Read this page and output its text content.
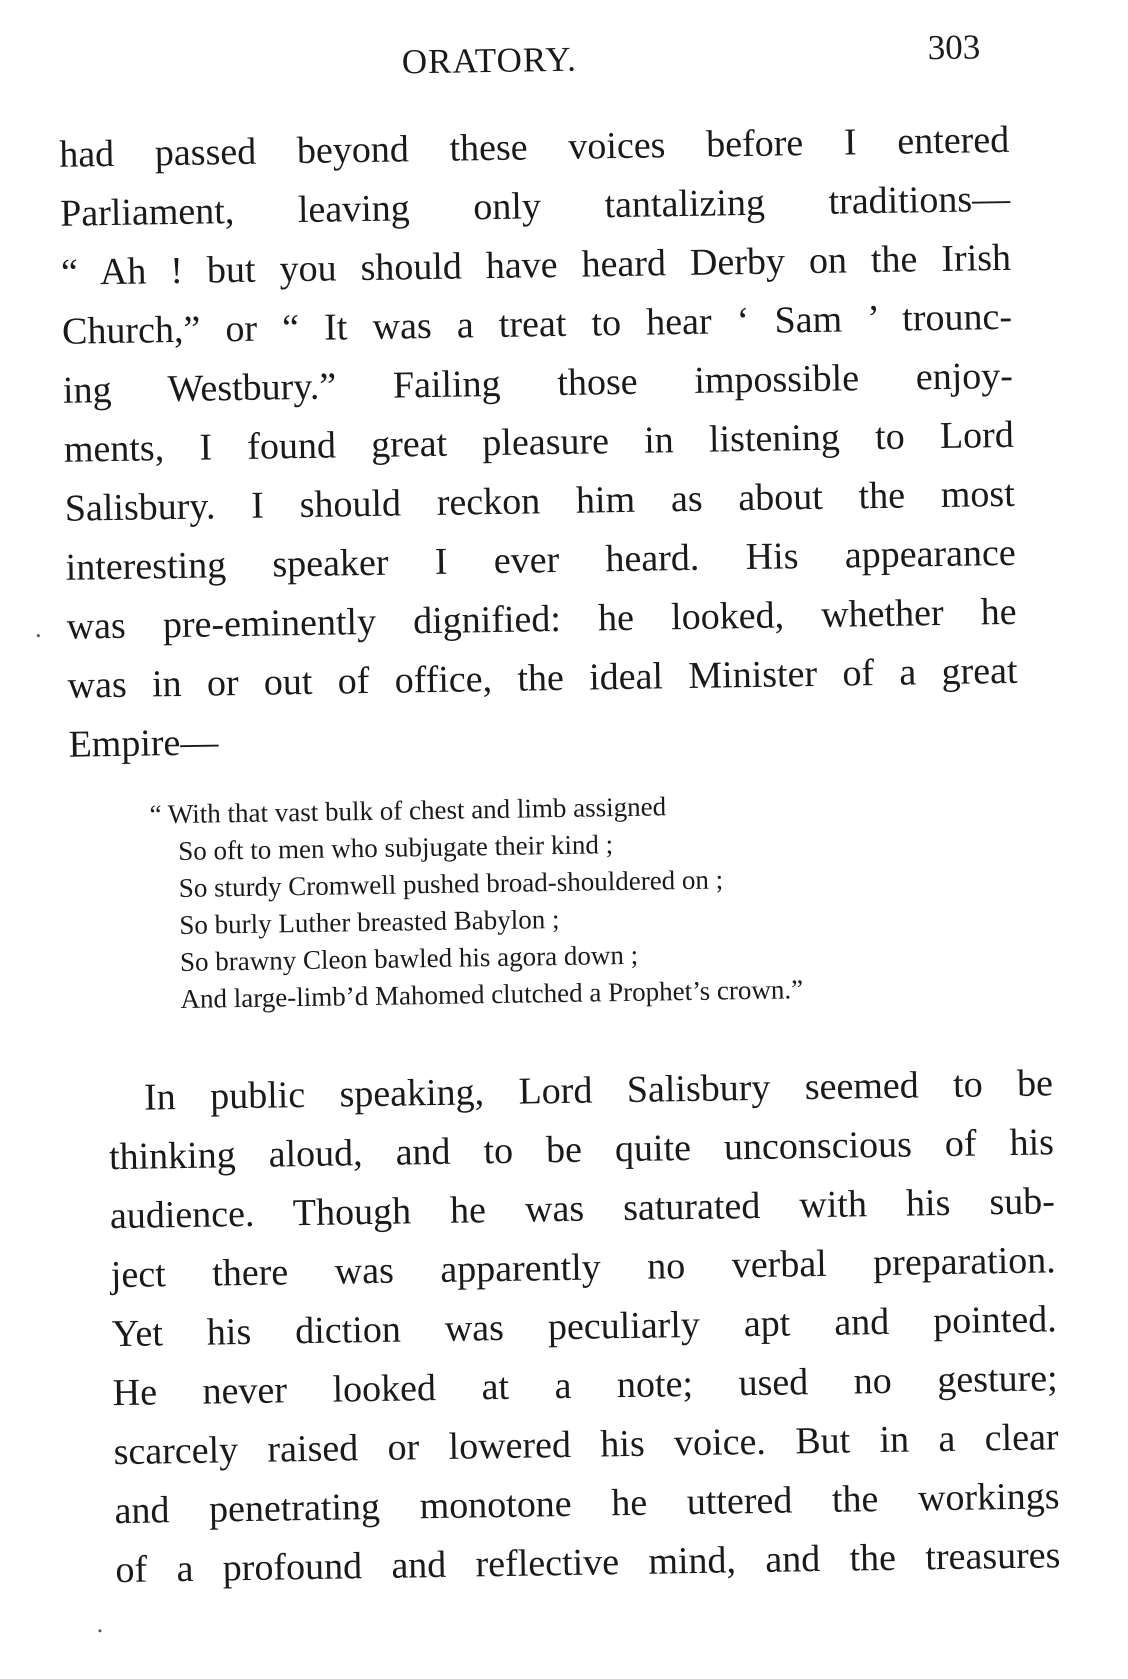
ORATORY.	303
had passed beyond these voices before I entered
Parliament, leaving only tantalizing traditions—
“ Ah ! but you should have heard Derby on the Irish
Church,” or “ It was a treat to hear ‘ Sam ’ trounc-
ing Westbury.” Failing those impossible enjoy-
ments, I found great pleasure in listening to Lord
Salisbury. I should reckon him as about the most
interesting speaker I ever heard. His appearance
was pre-eminently dignified: he looked, whether he
was in or out of office, the ideal Minister of a great
Empire—
“ With that vast bulk of chest and limb assigned
So oft to men who subjugate their kind ;
So sturdy Cromwell pushed broad-shouldered on ;
So burly Luther breasted Babylon ;
So brawny Cleon bawled his agora down ;
And large-limb’d Mahomed clutched a Prophet’s crown.”
In public speaking, Lord Salisbury seemed to be
thinking aloud, and to be quite unconscious of his
audience. Though he was saturated with his sub-
ject there was apparently no verbal preparation.
Yet his diction was peculiarly apt and pointed.
He never looked at a note; used no gesture;
scarcely raised or lowered his voice. But in a clear
and penetrating monotone he uttered the workings
of a profound and reflective mind, and the treasures
